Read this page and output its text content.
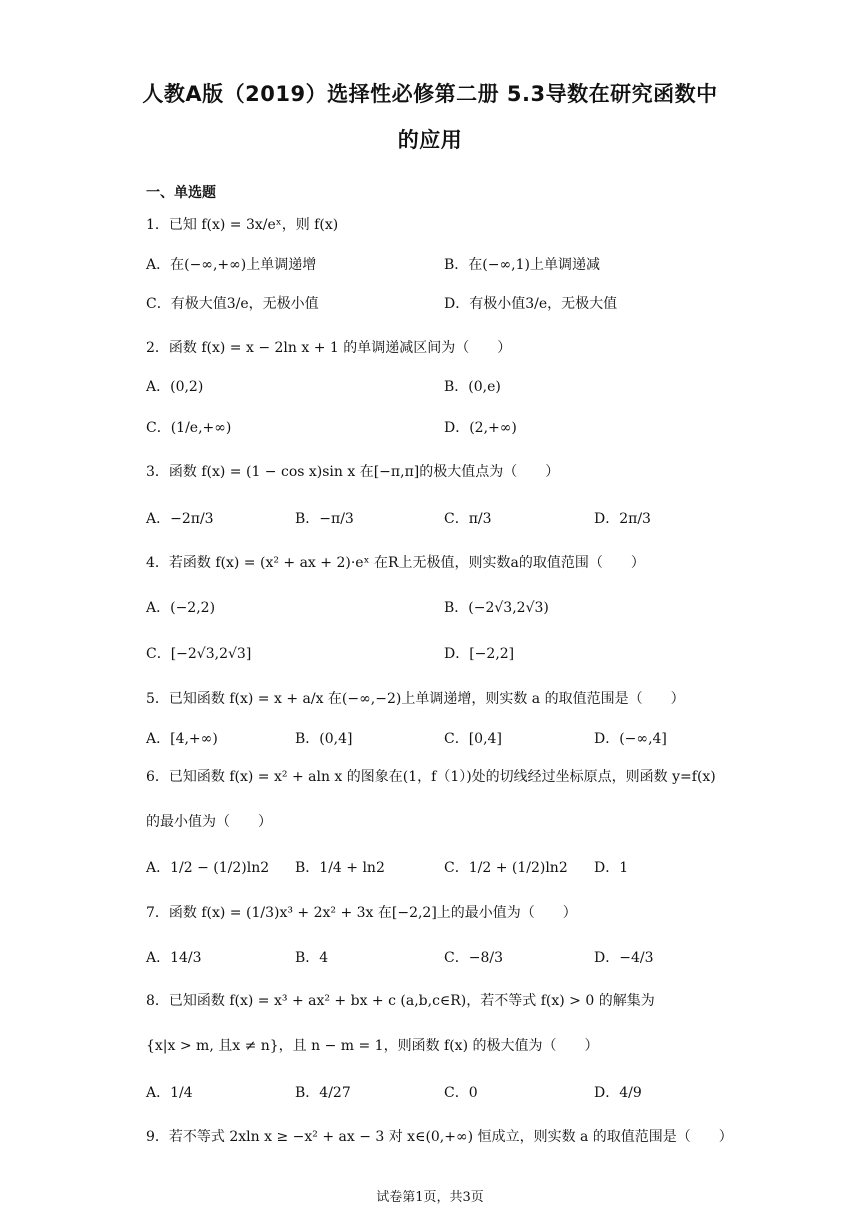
人教A版（2019）选择性必修第二册 5.3导数在研究函数中
的应用
一、单选题
1．已知 f(x) = 3x/eˣ，则 f(x)
A．在(−∞,+∞)上单调递增	B．在(−∞,1)上单调递减
C．有极大值3/e，无极小值	D．有极小值3/e，无极大值
2．函数 f(x) = x − 2ln x + 1 的单调递减区间为（　　）
A．(0,2)	B．(0,e)
C．(1/e,+∞)	D．(2,+∞)
3．函数 f(x) = (1 − cos x)sin x 在[−π,π]的极大值点为（　　）
A．−2π/3	B．−π/3	C．π/3	D．2π/3
4．若函数 f(x) = (x² + ax + 2)·eˣ 在R上无极值，则实数a的取值范围（　　）
A．(−2,2)	B．(−2√3,2√3)
C．[−2√3,2√3]	D．[−2,2]
5．已知函数 f(x) = x + a/x 在(−∞,−2)上单调递增，则实数 a 的取值范围是（　　）
A．[4,+∞)	B．(0,4]	C．[0,4]	D．(−∞,4]
6．已知函数 f(x) = x² + aln x 的图象在(1，f（1）)处的切线经过坐标原点，则函数 y=f(x)
的最小值为（　　）
A．1/2 − (1/2)ln2 B．1/4 + ln2	C．1/2 + (1/2)ln2 D．1
7．函数 f(x) = (1/3)x³ + 2x² + 3x 在[−2,2]上的最小值为（　　）
A．14/3	B．4	C．−8/3	D．−4/3
8．已知函数 f(x) = x³ + ax² + bx + c (a,b,c∈R)，若不等式 f(x) > 0 的解集为
{x|x > m, 且x ≠ n}，且 n − m = 1，则函数 f(x) 的极大值为（　　）
A．1/4	B．4/27	C．0	D．4/9
9．若不等式 2xln x ≥ −x² + ax − 3 对 x∈(0,+∞) 恒成立，则实数 a 的取值范围是（　　）
试卷第1页，共3页
